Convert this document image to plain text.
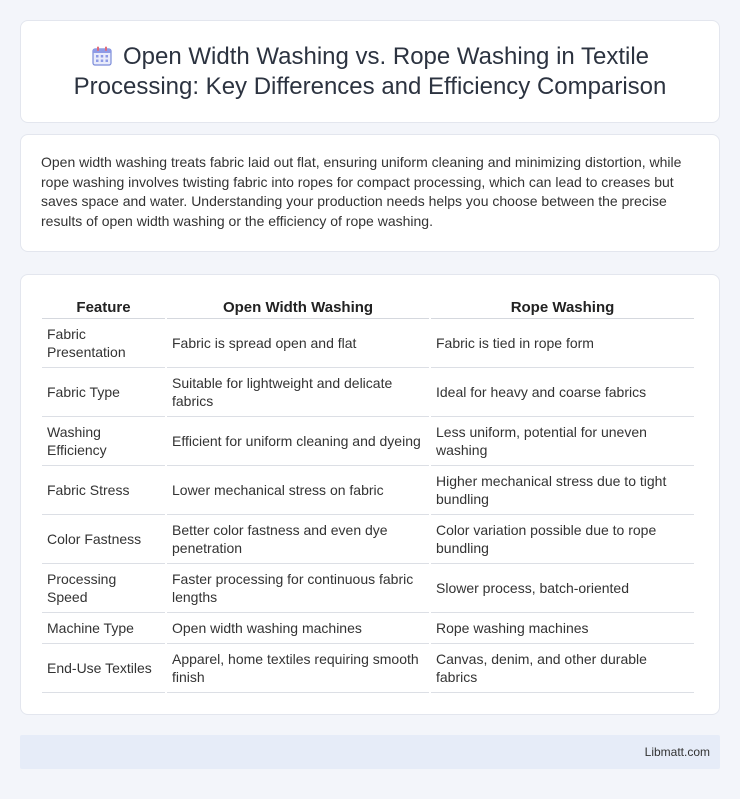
Open Width Washing vs. Rope Washing in Textile Processing: Key Differences and Efficiency Comparison

Open width washing treats fabric laid out flat, ensuring uniform cleaning and minimizing distortion, while rope washing involves twisting fabric into ropes for compact processing, which can lead to creases but saves space and water. Understanding your production needs helps you choose between the precise results of open width washing or the efficiency of rope washing.

Feature	Open Width Washing	Rope Washing
Fabric Presentation	Fabric is spread open and flat	Fabric is tied in rope form
Fabric Type	Suitable for lightweight and delicate fabrics	Ideal for heavy and coarse fabrics
Washing Efficiency	Efficient for uniform cleaning and dyeing	Less uniform, potential for uneven washing
Fabric Stress	Lower mechanical stress on fabric	Higher mechanical stress due to tight bundling
Color Fastness	Better color fastness and even dye penetration	Color variation possible due to rope bundling
Processing Speed	Faster processing for continuous fabric lengths	Slower process, batch-oriented
Machine Type	Open width washing machines	Rope washing machines
End-Use Textiles	Apparel, home textiles requiring smooth finish	Canvas, denim, and other durable fabrics
Libmatt.com
